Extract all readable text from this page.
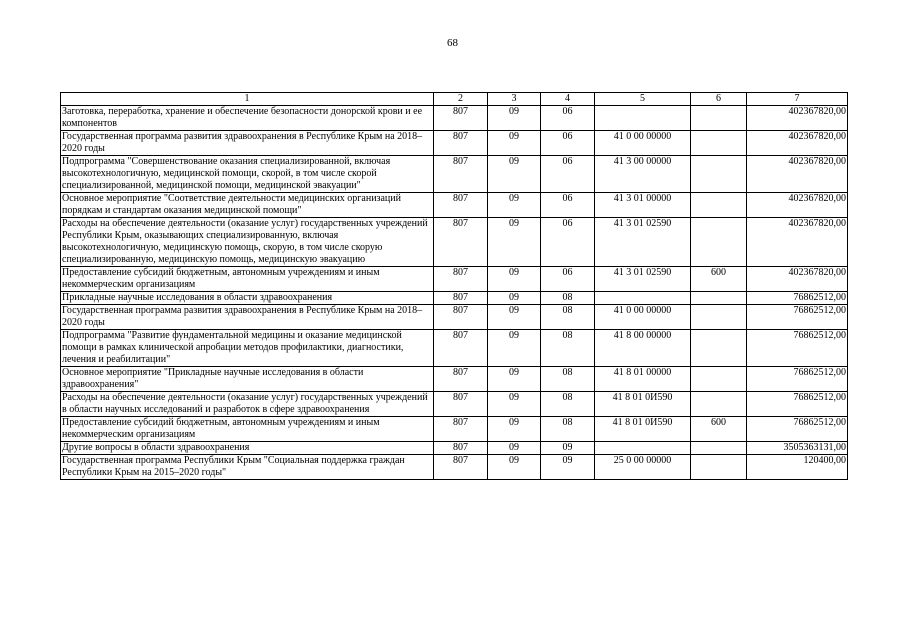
68
1	2	3	4	5	6	7
Заготовка, переработка, хранение и обеспечение безопасности донорской крови и ее компонентов	807	09	06			402367820,00
Государственная программа развития здравоохранения в Республике Крым на 2018–2020 годы	807	09	06	41 0 00 00000		402367820,00
Подпрограмма "Совершенствование оказания специализированной, включая высокотехнологичную, медицинской помощи, скорой, в том числе скорой специализированной, медицинской помощи, медицинской эвакуации"	807	09	06	41 3 00 00000		402367820,00
Основное мероприятие "Соответствие деятельности медицинских организаций порядкам и стандартам оказания медицинской помощи"	807	09	06	41 3 01 00000		402367820,00
Расходы на обеспечение деятельности (оказание услуг) государственных учреждений Республики Крым, оказывающих специализированную, включая высокотехнологичную, медицинскую помощь, скорую, в том числе скорую специализированную, медицинскую помощь, медицинскую эвакуацию	807	09	06	41 3 01 02590		402367820,00
Предоставление субсидий бюджетным, автономным учреждениям и иным некоммерческим организациям	807	09	06	41 3 01 02590	600	402367820,00
Прикладные научные исследования в области здравоохранения	807	09	08			76862512,00
Государственная программа развития здравоохранения в Республике Крым на 2018–2020 годы	807	09	08	41 0 00 00000		76862512,00
Подпрограмма "Развитие фундаментальной медицины и оказание медицинской помощи в рамках клинической апробации методов профилактики, диагностики, лечения и реабилитации"	807	09	08	41 8 00 00000		76862512,00
Основное мероприятие "Прикладные научные исследования в области здравоохранения"	807	09	08	41 8 01 00000		76862512,00
Расходы на обеспечение деятельности (оказание услуг) государственных учреждений в области научных исследований и разработок в сфере здравоохранения	807	09	08	41 8 01 0И590		76862512,00
Предоставление субсидий бюджетным, автономным учреждениям и иным некоммерческим организациям	807	09	08	41 8 01 0И590	600	76862512,00
Другие вопросы в области здравоохранения	807	09	09			3505363131,00
Государственная программа Республики Крым "Социальная поддержка граждан Республики Крым на 2015–2020 годы"	807	09	09	25 0 00 00000		120400,00
